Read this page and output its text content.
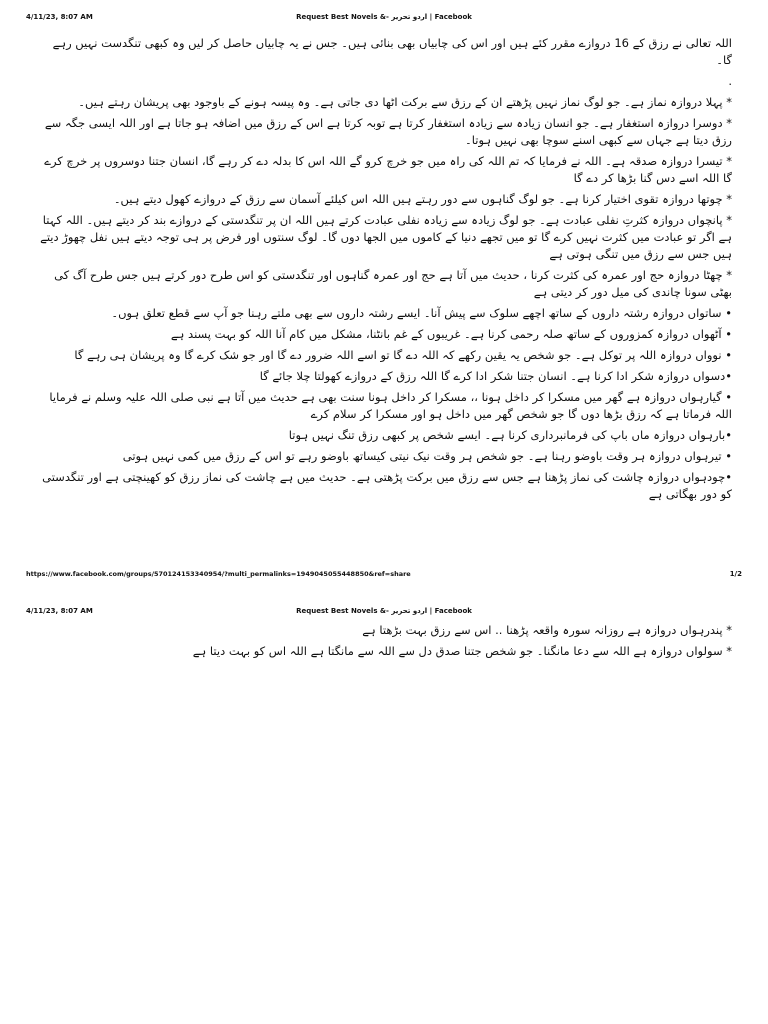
4/11/23, 8:07 AM	Request Best Novels &- اردو تحریر | Facebook

اللہ تعالی نے رزق کے 16 دروازے مقرر کئے ہیں اور اس کی چابیاں بھی بنائی ہیں۔ جس نے یہ چابیاں حاصل کر لیں وہ کبھی تنگدست نہیں رہے گا۔

.

* پہلا دروازہ نماز ہے۔ جو لوگ نماز نہیں پڑھتے ان کے رزق سے برکت اٹھا دی جاتی ہے۔ وہ پیسہ ہونے کے باوجود بھی پریشان رہتے ہیں۔

* دوسرا دروازہ استغفار ہے۔ جو انسان زیادہ سے زیادہ استغفار کرتا ہے توبہ کرتا ہے اس کے رزق میں اضافہ ہو جاتا ہے اور اللہ ایسی جگہ سے رزق دیتا ہے جہاں سے کبھی اسنے سوچا بھی نہیں ہوتا۔

* تیسرا دروازہ صدقہ ہے۔ اللہ نے فرمایا کہ تم اللہ کی راہ میں جو خرچ کرو گے اللہ اس کا بدلہ دے کر رہے گا، انسان جتنا دوسروں پر خرچ کرے گا اللہ اسے دس گنا بڑھا کر دے گا

* چوتھا دروازہ تقوی اختیار کرنا ہے۔ جو لوگ گناہوں سے دور رہتے ہیں اللہ اس کیلئے آسمان سے رزق کے دروازے کھول دیتے ہیں۔

* پانچواں دروازہ کثرتِ نفلی عبادت ہے۔ جو لوگ زیادہ سے زیادہ نفلی عبادت کرتے ہیں اللہ ان پر تنگدستی کے دروازے بند کر دیتے ہیں۔ اللہ کہتا ہے اگر تو عبادت میں کثرت نہیں کرے گا تو میں تجھے دنیا کے کاموں میں الجھا دوں گا۔ لوگ سنتوں اور فرض پر ہی توجہ دیتے ہیں نفل چھوڑ دیتے ہیں جس سے رزق میں تنگی ہوتی ہے

* چھٹا دروازہ حج اور عمرہ کی کثرت کرنا ، حدیث میں آتا ہے حج اور عمرہ گناہوں اور تنگدستی کو اس طرح دور کرتے ہیں جس طرح آگ کی بھٹی سونا چاندی کی میل دور کر دیتی ہے

• ساتواں دروازہ رشتہ داروں کے ساتھ اچھے سلوک سے پیش آنا۔ ایسے رشتہ داروں سے بھی ملتے رہنا جو آپ سے قطع تعلق ہوں۔

• آٹھواں دروازہ کمزوروں کے ساتھ صلہ رحمی کرنا ہے۔ غریبوں کے غم بانٹنا، مشکل میں کام آنا اللہ کو بہت پسند ہے

• نوواں دروازہ اللہ پر توکل ہے۔ جو شخص یہ یقین رکھے کہ اللہ دے گا تو اسے اللہ ضرور دے گا اور جو شک کرے گا وہ پریشان ہی رہے گا

•دسواں دروازہ شکر ادا کرنا ہے۔ انسان جتنا شکر ادا کرے گا اللہ رزق کے دروازے کھولتا چلا جائے گا

• گیارہواں دروازہ ہے گھر میں مسکرا کر داخل ہونا ،، مسکرا کر داخل ہونا سنت بھی ہے حدیث میں آتا ہے نبی صلی اللہ علیہ وسلم نے فرمایا اللہ فرماتا ہے کہ رزق بڑھا دوں گا جو شخص گھر میں داخل ہو اور مسکرا کر سلام کرے

•بارہواں دروازہ ماں باپ کی فرمانبرداری کرنا ہے۔ ایسے شخص پر کبھی رزق تنگ نہیں ہوتا

• تیرہواں دروازہ ہر وقت باوضو رہنا ہے۔ جو شخص ہر وقت نیک نیتی کیساتھ باوضو رہے تو اس کے رزق میں کمی نہیں ہوتی

•چودہواں دروازہ چاشت کی نماز پڑھنا ہے جس سے رزق میں برکت پڑھتی ہے۔ حدیث میں ہے چاشت کی نماز رزق کو کھینچتی ہے اور تنگدستی کو دور بھگاتی ہے

https://www.facebook.com/groups/570124153340954/?multi_permalinks=1949045055448850&ref=share	1/2
4/11/23, 8:07 AM	Request Best Novels &- اردو تحریر | Facebook

* پندرہواں دروازہ ہے روزانہ سورہ واقعہ پڑھنا .. اس سے رزق بہت بڑھتا ہے

* سولواں دروازہ ہے اللہ سے دعا مانگنا۔ جو شخص جتنا صدق دل سے اللہ سے مانگتا ہے اللہ اس کو بہت دیتا ہے
